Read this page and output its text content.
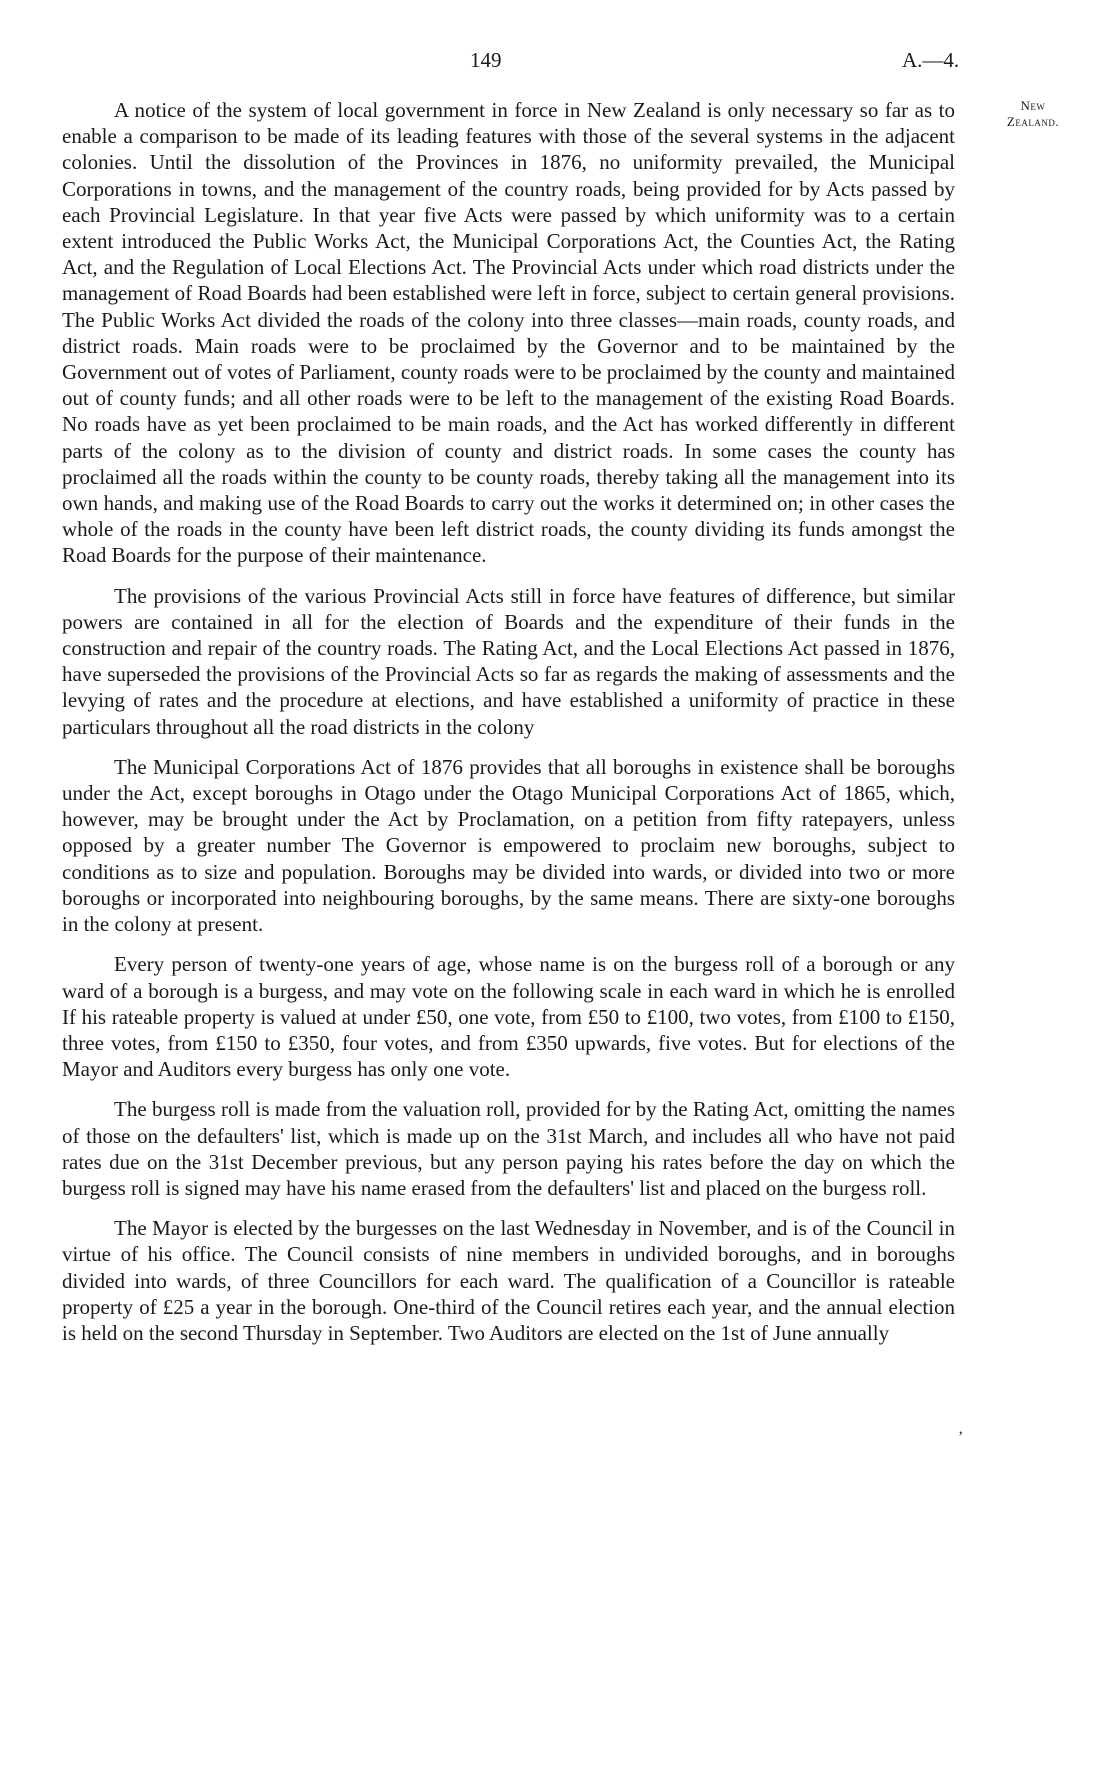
149	A.—4.
New
Zealand.

A notice of the system of local government in force in New Zealand is only necessary so far as to enable a comparison to be made of its leading features with those of the several systems in the adjacent colonies. Until the dissolution of the Provinces in 1876, no uniformity prevailed, the Municipal Corporations in towns, and the management of the country roads, being provided for by Acts passed by each Provincial Legislature. In that year five Acts were passed by which uniformity was to a certain extent introduced the Public Works Act, the Municipal Corporations Act, the Counties Act, the Rating Act, and the Regulation of Local Elections Act. The Provincial Acts under which road districts under the management of Road Boards had been established were left in force, subject to certain general provisions. The Public Works Act divided the roads of the colony into three classes—main roads, county roads, and district roads. Main roads were to be proclaimed by the Governor and to be maintained by the Government out of votes of Parliament, county roads were to be proclaimed by the county and maintained out of county funds; and all other roads were to be left to the management of the existing Road Boards. No roads have as yet been proclaimed to be main roads, and the Act has worked differently in different parts of the colony as to the division of county and district roads. In some cases the county has proclaimed all the roads within the county to be county roads, thereby taking all the management into its own hands, and making use of the Road Boards to carry out the works it determined on; in other cases the whole of the roads in the county have been left district roads, the county dividing its funds amongst the Road Boards for the purpose of their maintenance.

The provisions of the various Provincial Acts still in force have features of difference, but similar powers are contained in all for the election of Boards and the expenditure of their funds in the construction and repair of the country roads. The Rating Act, and the Local Elections Act passed in 1876, have superseded the provisions of the Provincial Acts so far as regards the making of assessments and the levying of rates and the procedure at elections, and have established a uniformity of practice in these particulars throughout all the road districts in the colony

The Municipal Corporations Act of 1876 provides that all boroughs in existence shall be boroughs under the Act, except boroughs in Otago under the Otago Municipal Corporations Act of 1865, which, however, may be brought under the Act by Proclamation, on a petition from fifty ratepayers, unless opposed by a greater number The Governor is empowered to proclaim new boroughs, subject to conditions as to size and population. Boroughs may be divided into wards, or divided into two or more boroughs or incorporated into neighbouring boroughs, by the same means. There are sixty-one boroughs in the colony at present.

Every person of twenty-one years of age, whose name is on the burgess roll of a borough or any ward of a borough is a burgess, and may vote on the following scale in each ward in which he is enrolled If his rateable property is valued at under £50, one vote, from £50 to £100, two votes, from £100 to £150, three votes, from £150 to £350, four votes, and from £350 upwards, five votes. But for elections of the Mayor and Auditors every burgess has only one vote.

The burgess roll is made from the valuation roll, provided for by the Rating Act, omitting the names of those on the defaulters' list, which is made up on the 31st March, and includes all who have not paid rates due on the 31st December previous, but any person paying his rates before the day on which the burgess roll is signed may have his name erased from the defaulters' list and placed on the burgess roll.

The Mayor is elected by the burgesses on the last Wednesday in November, and is of the Council in virtue of his office. The Council consists of nine members in undivided boroughs, and in boroughs divided into wards, of three Councillors for each ward. The qualification of a Councillor is rateable property of £25 a year in the borough. One-third of the Council retires each year, and the annual election is held on the second Thursday in September. Two Auditors are elected on the 1st of June annually

‚
